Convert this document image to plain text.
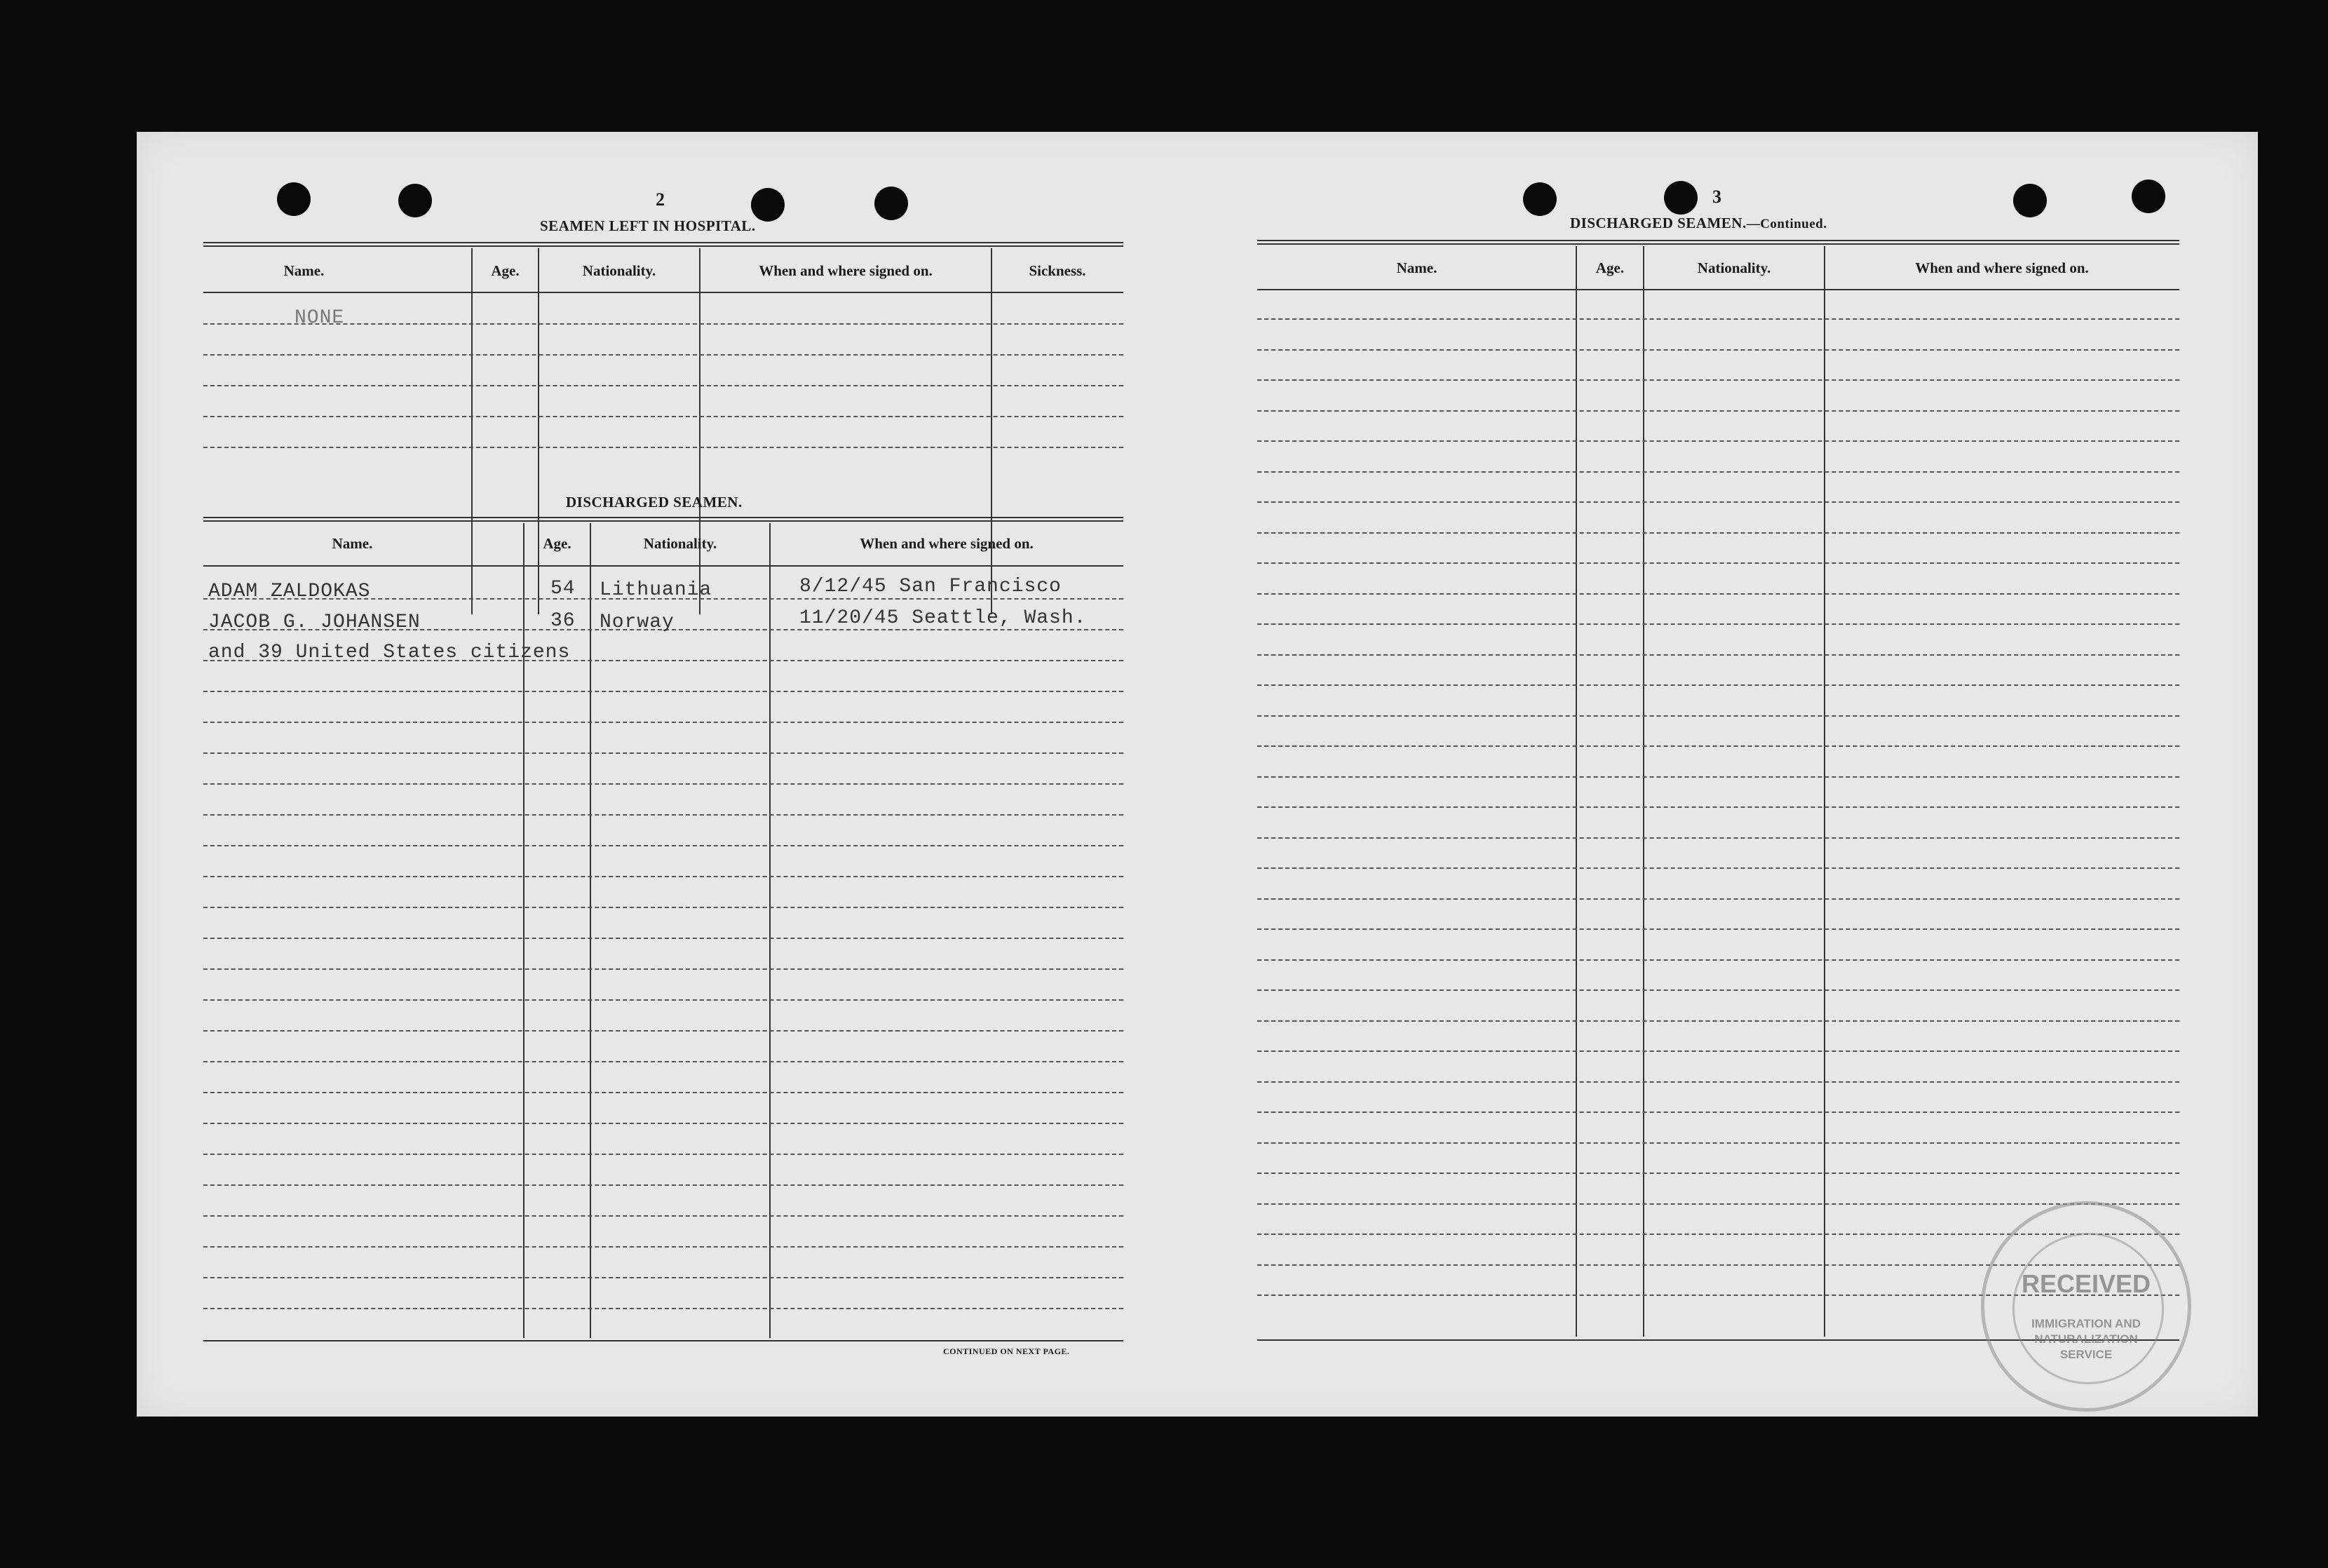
2
SEAMEN LEFT IN HOSPITAL.
Name.	Age.	Nationality.	When and where signed on.	Sickness.
NONE
DISCHARGED SEAMEN.
Name.	Age.	Nationality.	When and where signed on.
ADAM ZALDOKAS	54 Lithuania	8/12/45 San Francisco
JACOB G. JOHANSEN	36 Norway	11/20/45 Seattle, Wash.
and 39 United States citizens
CONTINUED ON NEXT PAGE.
3
DISCHARGED SEAMEN.—Continued.
Name.	Age.	Nationality.	When and where signed on.
RECEIVED
IMMIGRATION AND
NATURALIZATION
SERVICE
